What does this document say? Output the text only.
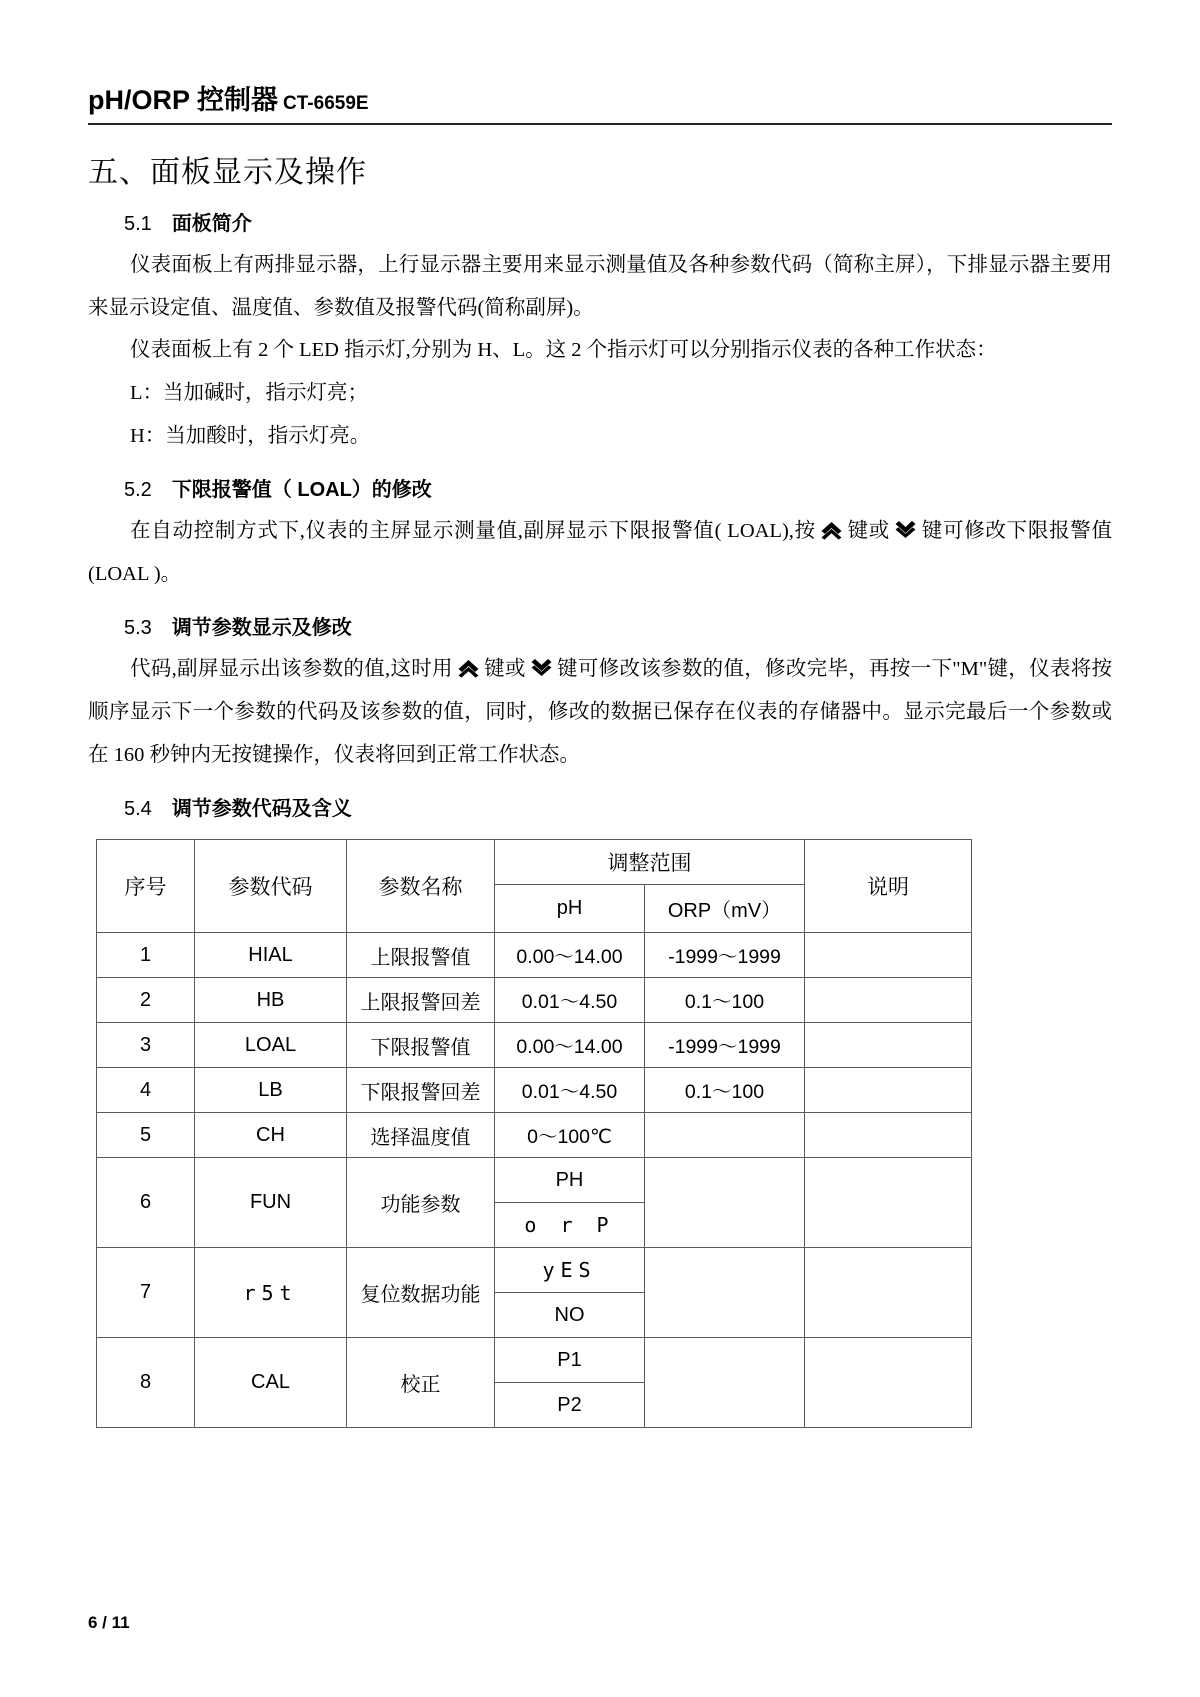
pH/ORP 控制器 CT-6659E
五、面板显示及操作
5.1 面板简介

仪表面板上有两排显示器，上行显示器主要用来显示测量值及各种参数代码（简称主屏），下排显示器主要用来显示设定值、温度值、参数值及报警代码(简称副屏)。

仪表面板上有 2 个 LED 指示灯,分别为 H、L。这 2 个指示灯可以分别指示仪表的各种工作状态：

L：当加碱时，指示灯亮；

H：当加酸时，指示灯亮。

5.2 下限报警值（ LOAL）的修改

在自动控制方式下,仪表的主屏显示测量值,副屏显示下限报警值( LOAL),按 键或 键可修改下限报警值(LOAL )。

5.3 调节参数显示及修改

代码,副屏显示出该参数的值,这时用 键或 键可修改该参数的值，修改完毕，再按一下"M"键，仪表将按顺序显示下一个参数的代码及该参数的值，同时，修改的数据已保存在仪表的存储器中。显示完最后一个参数或在 160 秒钟内无按键操作，仪表将回到正常工作状态。

5.4 调节参数代码及含义
序号	参数代码	参数名称	调整范围		说明
			pH	ORP（mV）	
1	HIAL	上限报警值	0.00～14.00	-1999～1999	
2	HB	上限报警回差	0.01～4.50	0.1～100	
3	LOAL	下限报警值	0.00～14.00	-1999～1999	
4	LB	下限报警回差	0.01～4.50	0.1～100	
5	CH	选择温度值	0～100℃		
6	FUN	功能参数	PH		
			o r P		
7	r5t	复位数据功能	yES		
			NO		
8	CAL	校正	P1		
			P2		
6 / 11
